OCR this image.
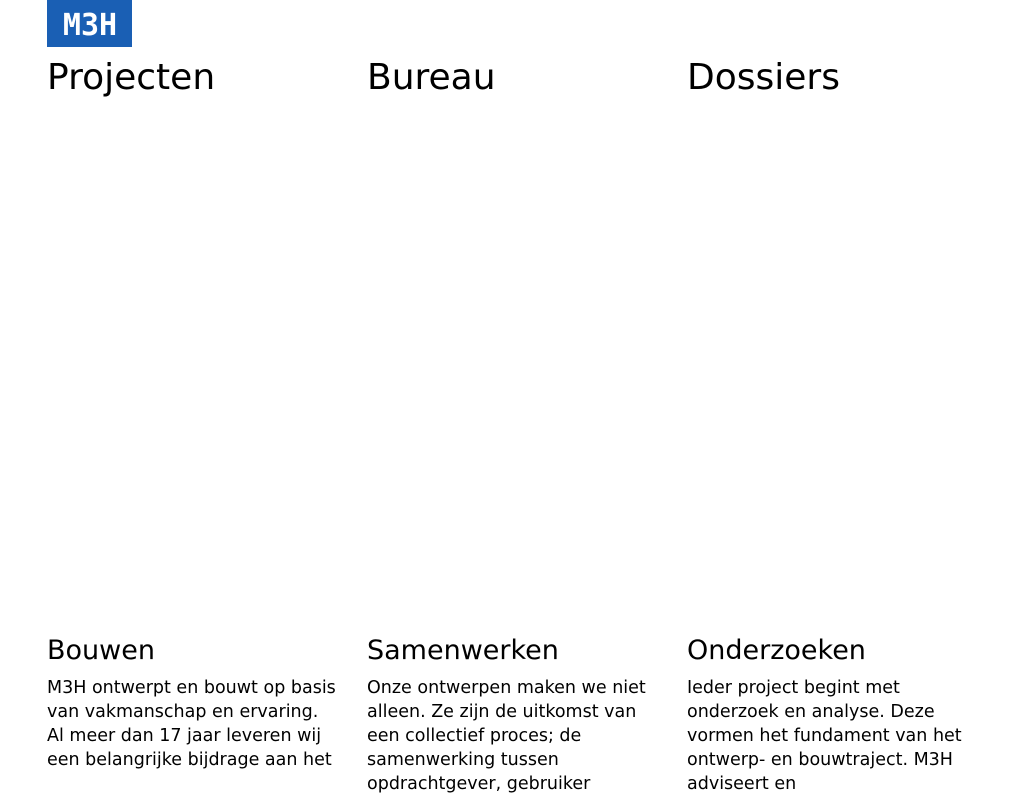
M3H
Projecten	Bureau	Dossiers
Bouwen

M3H ontwerpt en bouwt op basis van vakmanschap en ervaring. Al meer dan 17 jaar leveren wij een belangrijke bijdrage aan het

Samenwerken

Onze ontwerpen maken we niet alleen. Ze zijn de uitkomst van een collectief proces; de samenwerking tussen opdrachtgever, gebruiker

Onderzoeken

Ieder project begint met onderzoek en analyse. Deze vormen het fundament van het ontwerp- en bouwtraject. M3H adviseert en
